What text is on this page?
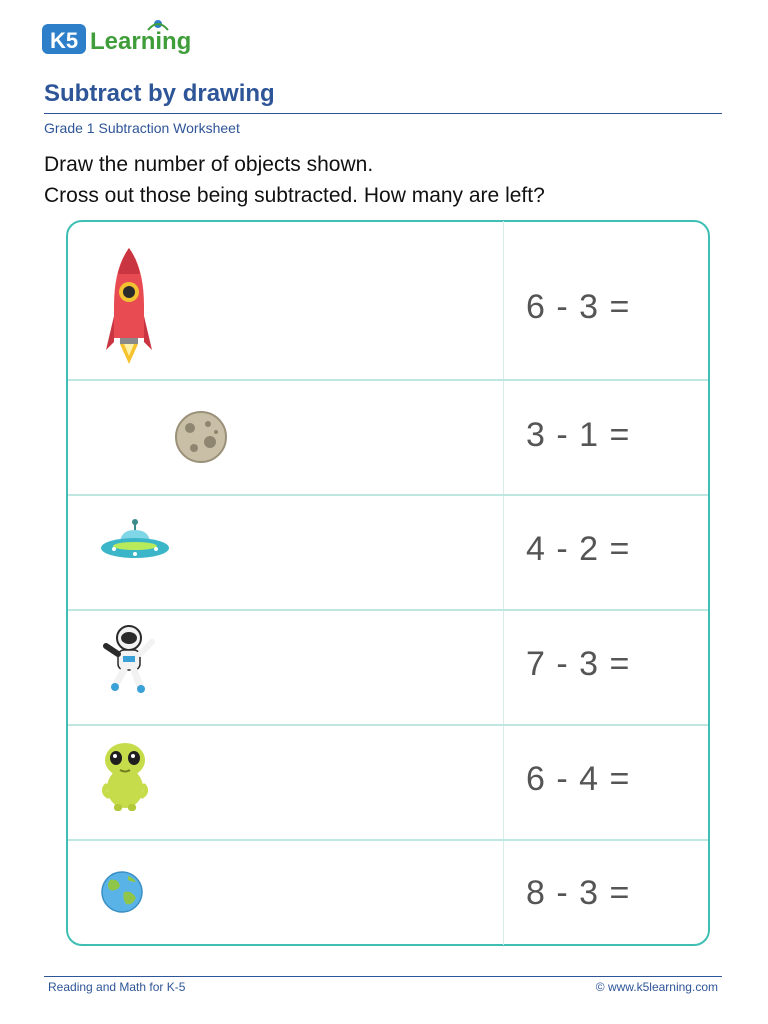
K5 Learning
Subtract by drawing
Grade 1 Subtraction Worksheet
Draw the number of objects shown.
Cross out those being subtracted. How many are left?
6 - 3 =
3 - 1 =
4 - 2 =
7 - 3 =
6 - 4 =
8 - 3 =
Reading and Math for K-5	© www.k5learning.com
